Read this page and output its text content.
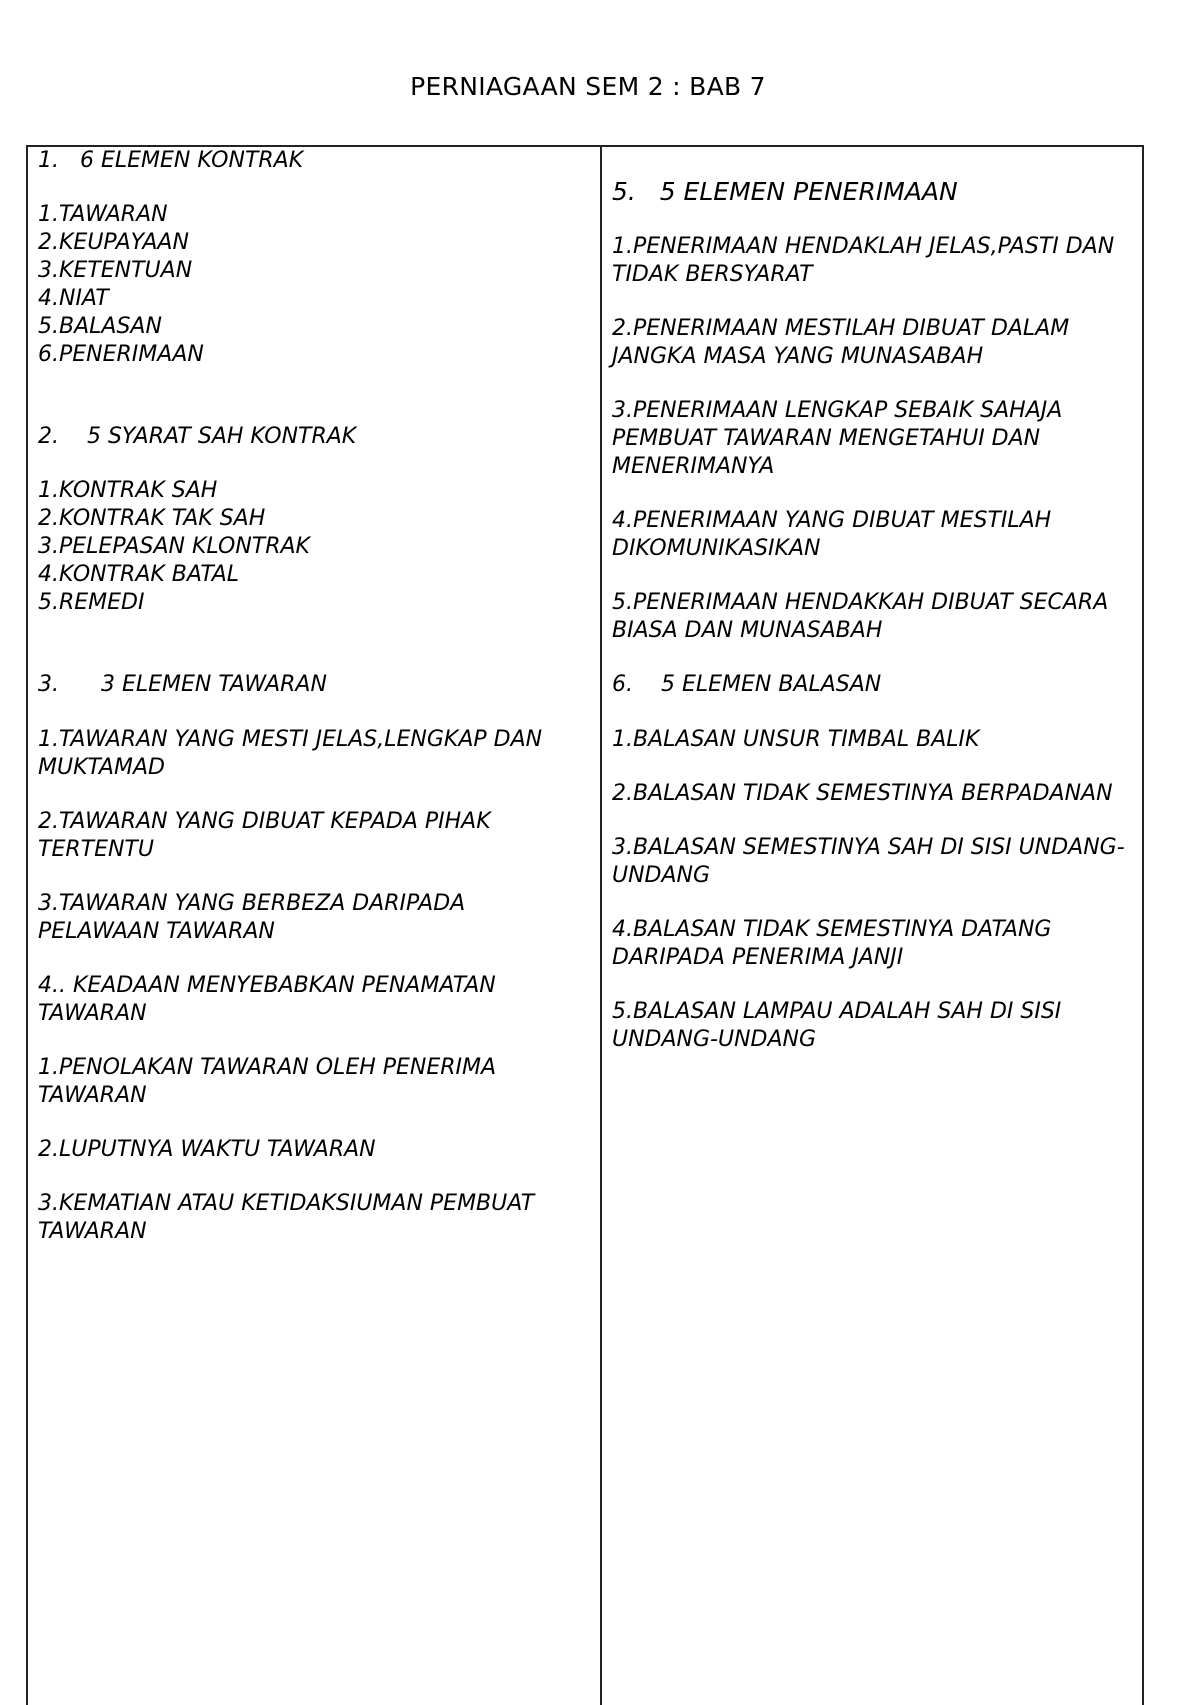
PERNIAGAAN SEM 2 : BAB 7

1.   6 ELEMEN KONTRAK

1.TAWARAN
2.KEUPAYAAN
3.KETENTUAN
4.NIAT
5.BALASAN
6.PENERIMAAN

2.    5 SYARAT SAH KONTRAK

1.KONTRAK SAH
2.KONTRAK TAK SAH
3.PELEPASAN KLONTRAK
4.KONTRAK BATAL
5.REMEDI

3.      3 ELEMEN TAWARAN

1.TAWARAN YANG MESTI JELAS,LENGKAP DAN MUKTAMAD

2.TAWARAN YANG DIBUAT KEPADA PIHAK TERTENTU

3.TAWARAN YANG BERBEZA DARIPADA PELAWAAN TAWARAN

4.. KEADAAN MENYEBABKAN PENAMATAN TAWARAN

1.PENOLAKAN TAWARAN OLEH PENERIMA TAWARAN

2.LUPUTNYA WAKTU TAWARAN

3.KEMATIAN ATAU KETIDAKSIUMAN PEMBUAT TAWARAN

5.   5 ELEMEN PENERIMAAN

1.PENERIMAAN HENDAKLAH JELAS,PASTI DAN TIDAK BERSYARAT

2.PENERIMAAN MESTILAH DIBUAT DALAM JANGKA MASA YANG MUNASABAH

3.PENERIMAAN LENGKAP SEBAIK SAHAJA PEMBUAT TAWARAN MENGETAHUI DAN MENERIMANYA

4.PENERIMAAN YANG DIBUAT MESTILAH DIKOMUNIKASIKAN

5.PENERIMAAN HENDAKKAH DIBUAT SECARA BIASA DAN MUNASABAH

6.    5 ELEMEN BALASAN

1.BALASAN UNSUR TIMBAL BALIK

2.BALASAN TIDAK SEMESTINYA BERPADANAN

3.BALASAN SEMESTINYA SAH DI SISI UNDANG-UNDANG

4.BALASAN TIDAK SEMESTINYA DATANG DARIPADA PENERIMA JANJI

5.BALASAN LAMPAU ADALAH SAH DI SISI UNDANG-UNDANG
